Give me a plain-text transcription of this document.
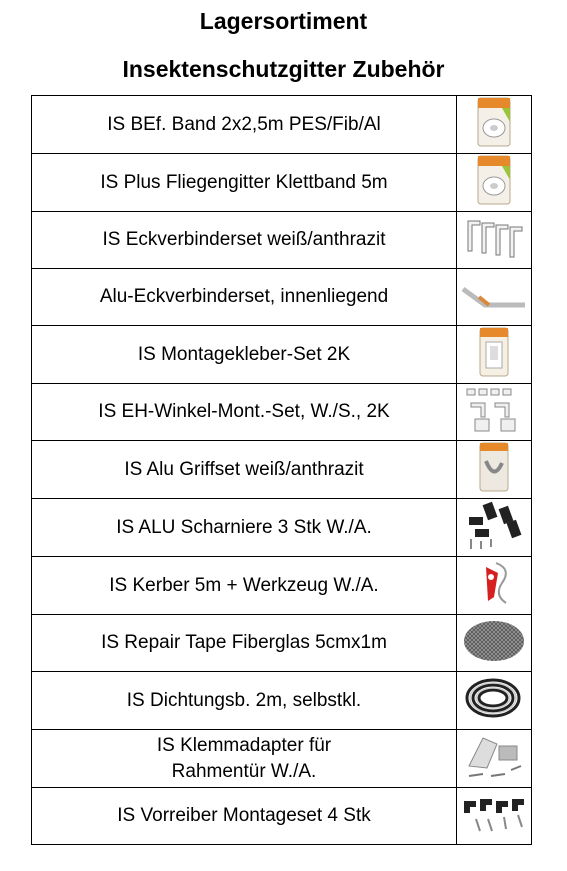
Lagersortiment
Insektenschutzgitter Zubehör
IS BEf. Band 2x2,5m PES/Fib/Al	

IS Plus Fliegengitter Klettband 5m	

IS Eckverbinderset weiß/anthrazit	

Alu-Eckverbinderset, innenliegend	

IS Montagekleber-Set 2K	

IS EH-Winkel-Mont.-Set, W./S., 2K	

IS Alu Griffset weiß/anthrazit	

IS ALU Scharniere 3 Stk W./A.	

IS Kerber 5m + Werkzeug W./A.	

IS Repair Tape Fiberglas 5cmx1m	

IS Dichtungsb. 2m, selbstkl.	

IS Klemmadapter für
Rahmentür W./A.	

IS Vorreiber Montageset 4 Stk	
